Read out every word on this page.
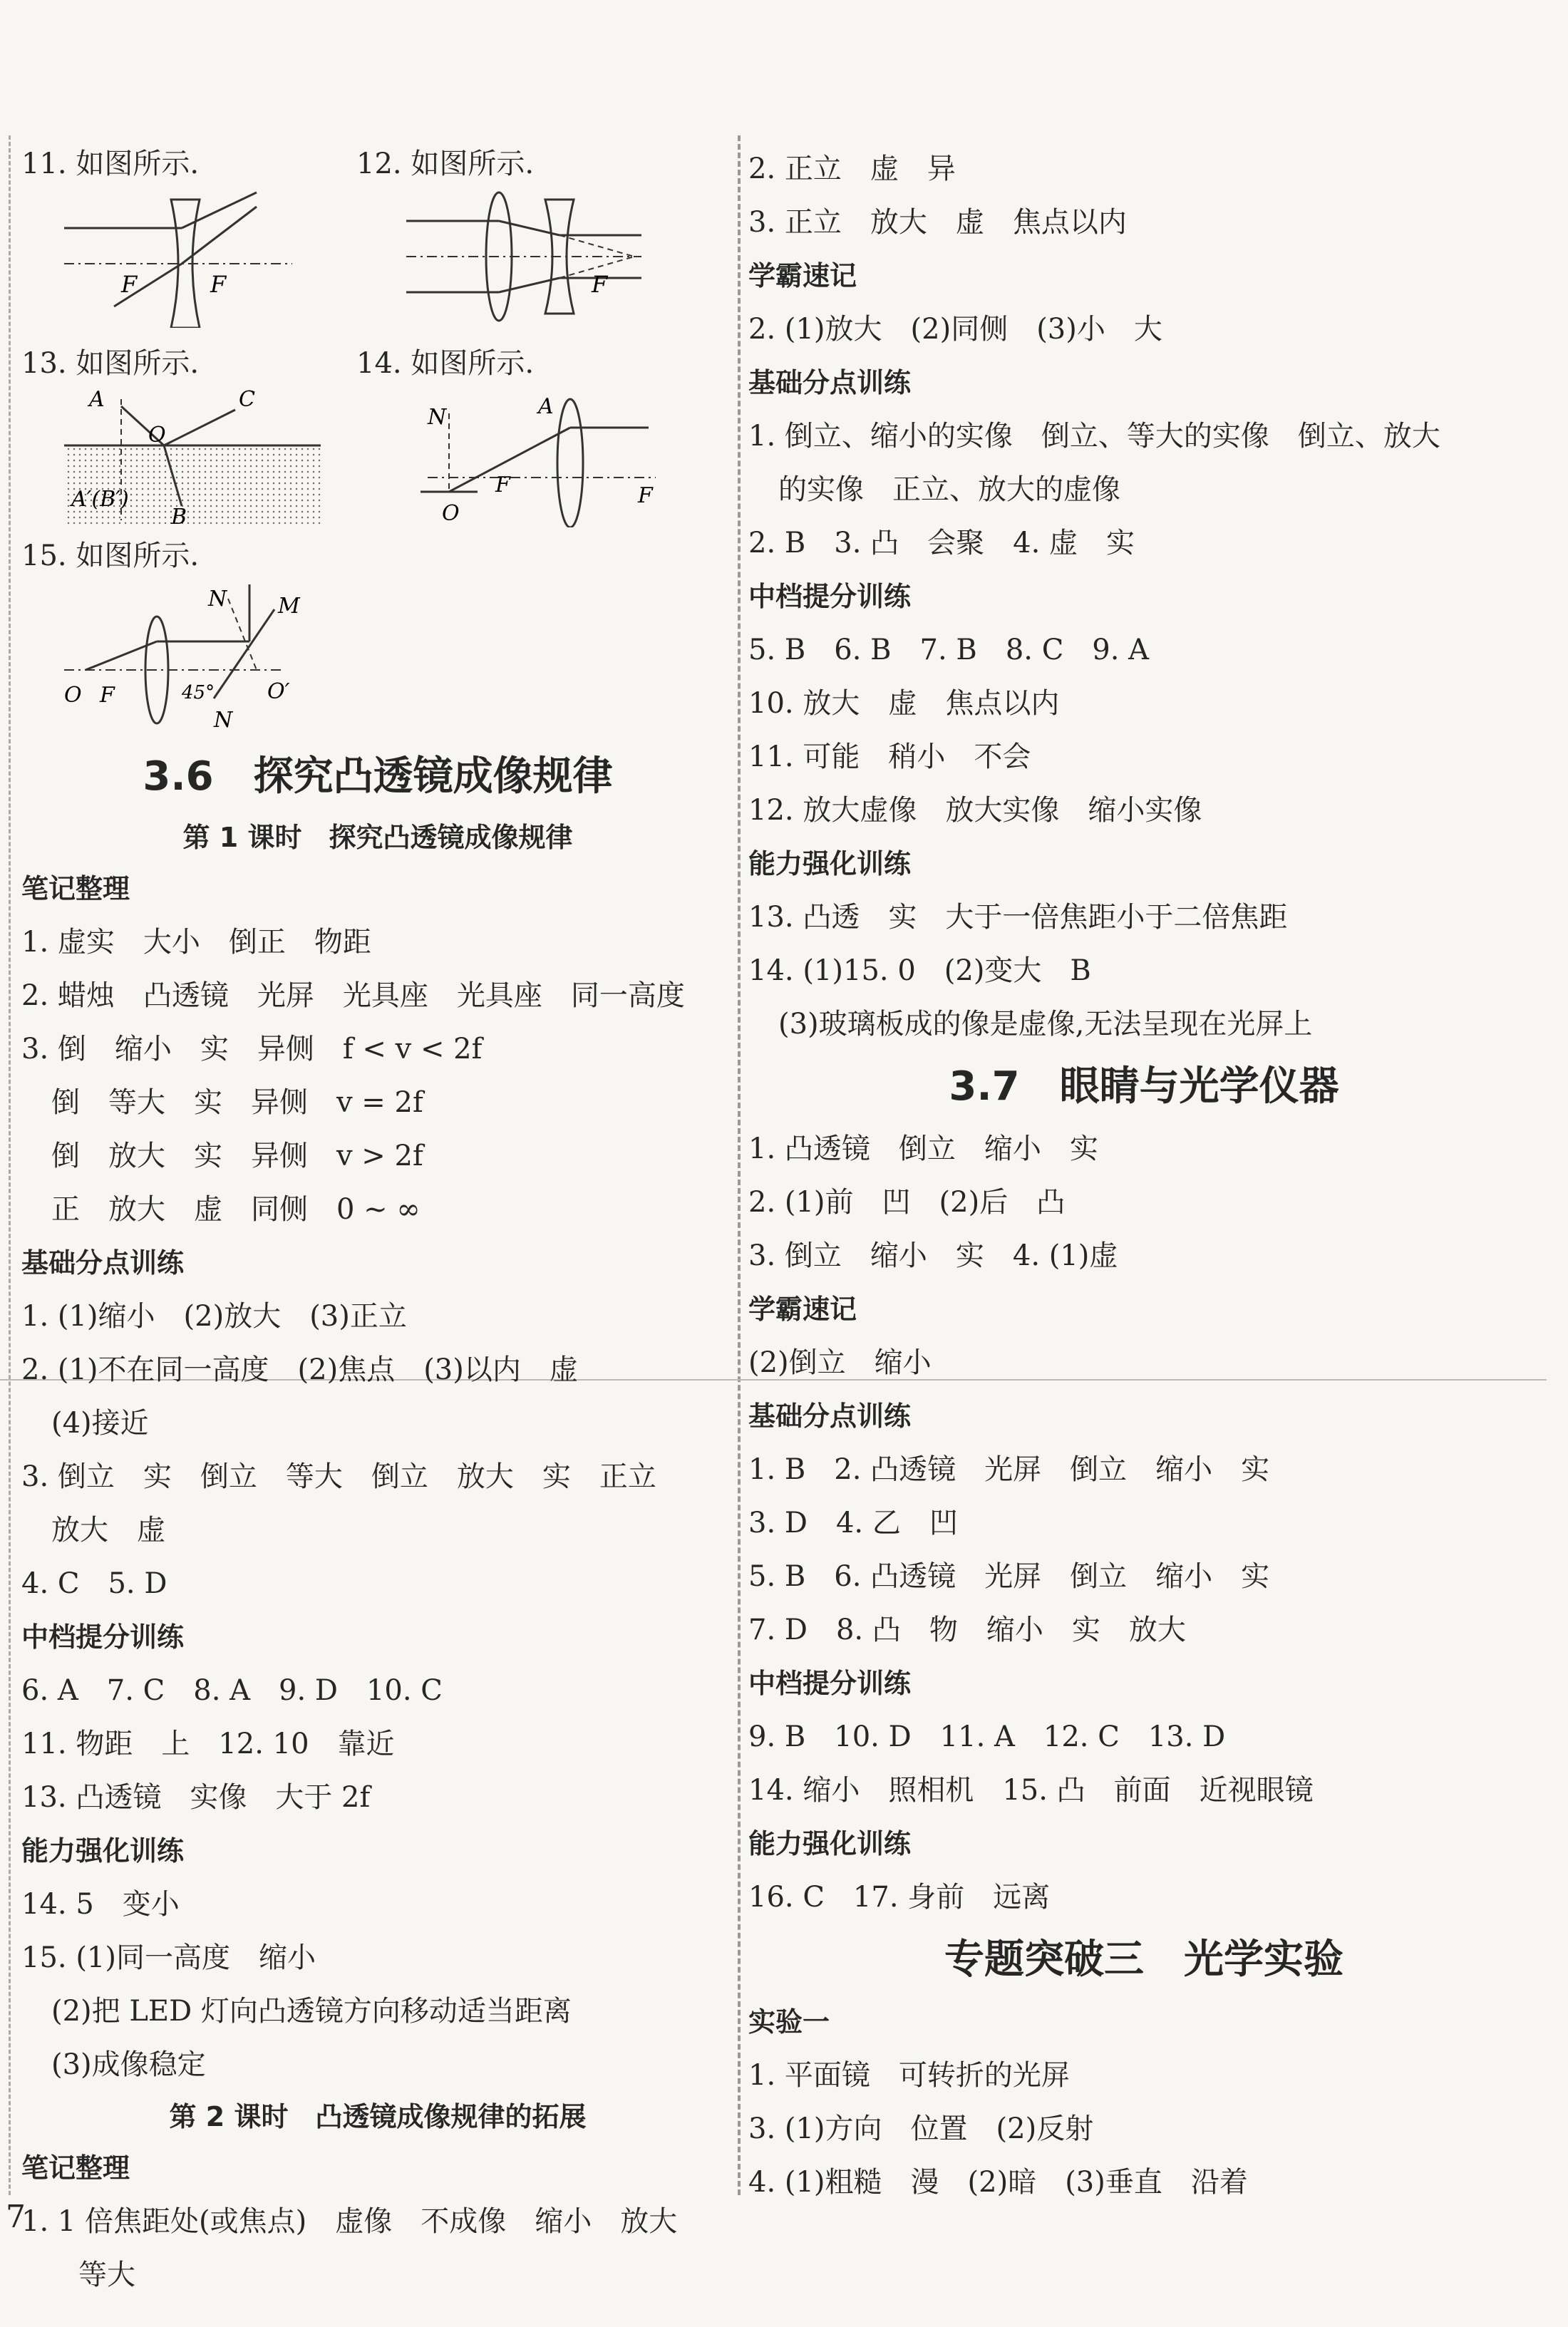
11. 如图所示.
F	F
12. 如图所示.
F
13. 如图所示.
A	C
O
A′(B′)
B
14. 如图所示.
N	A
F	F
O
15. 如图所示.
O F	45° O′
N M
N
3.6　探究凸透镜成像规律
第 1 课时　探究凸透镜成像规律
笔记整理
1. 虚实　大小　倒正　物距
2. 蜡烛　凸透镜　光屏　光具座　光具座　同一高度
3. 倒　缩小　实　异侧　f < v < 2f
倒　等大　实　异侧　v = 2f
倒　放大　实　异侧　v > 2f
正　放大　虚　同侧　0 ~ ∞
基础分点训练
1. (1)缩小　(2)放大　(3)正立
2. (1)不在同一高度　(2)焦点　(3)以内　虚
(4)接近
3. 倒立　实　倒立　等大　倒立　放大　实　正立
放大　虚
4. C　5. D
中档提分训练
6. A　7. C　8. A　9. D　10. C
11. 物距　上　12. 10　靠近
13. 凸透镜　实像　大于 2f
能力强化训练
14. 5　变小
15. (1)同一高度　缩小
(2)把 LED 灯向凸透镜方向移动适当距离
(3)成像稳定
第 2 课时　凸透镜成像规律的拓展
笔记整理
1. 1 倍焦距处(或焦点)　虚像　不成像　缩小　放大
等大
2. 正立　虚　异
3. 正立　放大　虚　焦点以内
学霸速记
2. (1)放大　(2)同侧　(3)小　大
基础分点训练
1. 倒立、缩小的实像　倒立、等大的实像　倒立、放大
的实像　正立、放大的虚像
2. B　3. 凸　会聚　4. 虚　实
中档提分训练
5. B　6. B　7. B　8. C　9. A
10. 放大　虚　焦点以内
11. 可能　稍小　不会
12. 放大虚像　放大实像　缩小实像
能力强化训练
13. 凸透　实　大于一倍焦距小于二倍焦距
14. (1)15. 0　(2)变大　B
(3)玻璃板成的像是虚像,无法呈现在光屏上
3.7　眼睛与光学仪器
1. 凸透镜　倒立　缩小　实
2. (1)前　凹　(2)后　凸
3. 倒立　缩小　实　4. (1)虚
学霸速记
(2)倒立　缩小
基础分点训练
1. B　2. 凸透镜　光屏　倒立　缩小　实
3. D　4. 乙　凹
5. B　6. 凸透镜　光屏　倒立　缩小　实
7. D　8. 凸　物　缩小　实　放大
中档提分训练
9. B　10. D　11. A　12. C　13. D
14. 缩小　照相机　15. 凸　前面　近视眼镜
能力强化训练
16. C　17. 身前　远离
专题突破三　光学实验
实验一
1. 平面镜　可转折的光屏
3. (1)方向　位置　(2)反射
4. (1)粗糙　漫　(2)暗　(3)垂直　沿着
7
